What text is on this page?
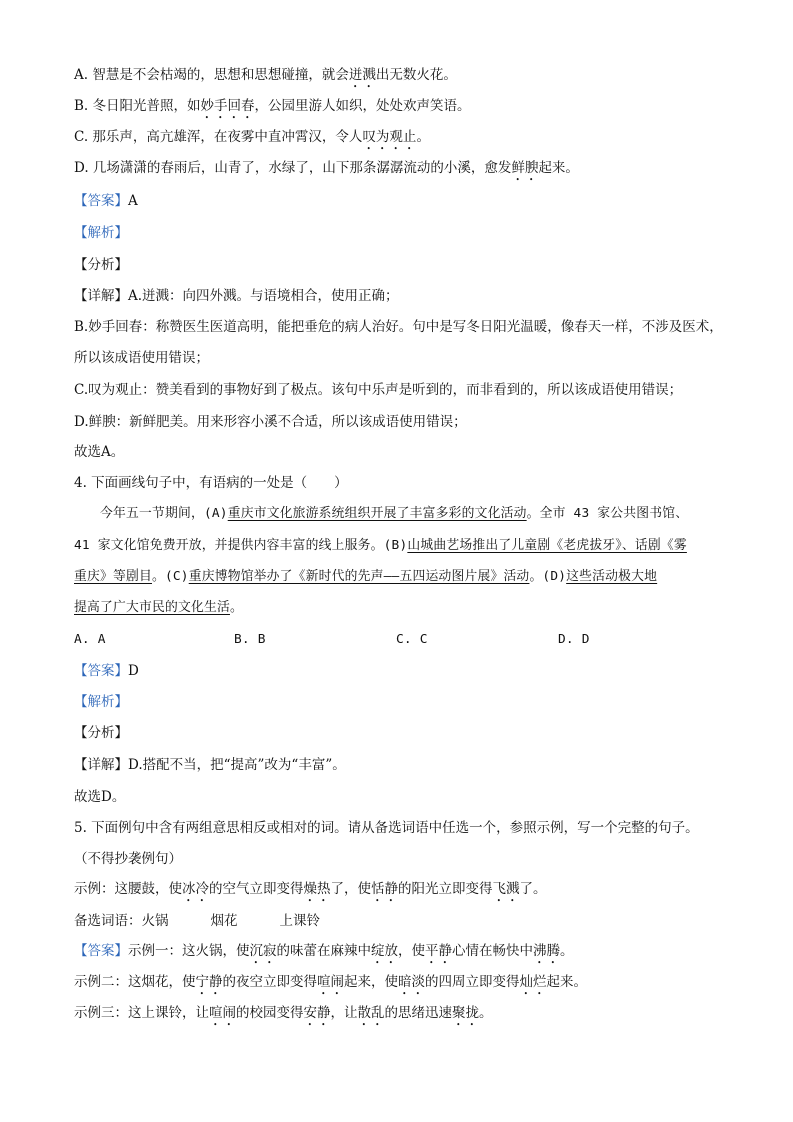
A. 智慧是不会枯竭的，思想和思想碰撞，就会迸溅出无数火花。
B. 冬日阳光普照，如妙手回春，公园里游人如织，处处欢声笑语。
C. 那乐声，高亢雄浑，在夜雾中直冲霄汉，令人叹为观止。
D. 几场潇潇的春雨后，山青了，水绿了，山下那条潺潺流动的小溪，愈发鲜腴起来。
【答案】A
【解析】
【分析】
【详解】A.迸溅：向四外溅。与语境相合，使用正确；
B.妙手回春：称赞医生医道高明，能把垂危的病人治好。句中是写冬日阳光温暖，像春天一样，不涉及医术，
所以该成语使用错误；
C.叹为观止：赞美看到的事物好到了极点。该句中乐声是听到的，而非看到的，所以该成语使用错误；
D.鲜腴：新鲜肥美。用来形容小溪不合适，所以该成语使用错误；
故选A。
4. 下面画线句子中，有语病的一处是（　　）
今年五一节期间，(A)重庆市文化旅游系统组织开展了丰富多彩的文化活动。全市 43 家公共图书馆、
41 家文化馆免费开放，并提供内容丰富的线上服务。(B)山城曲艺场推出了儿童剧《老虎拔牙》、话剧《雾
重庆》等剧目。(C)重庆博物馆举办了《新时代的先声——五四运动图片展》活动。(D)这些活动极大地
提高了广大市民的文化生活。
A. A	B. B	C. C	D. D
【答案】D
【解析】
【分析】
【详解】D.搭配不当，把“提高”改为“丰富”。
故选D。
5. 下面例句中含有两组意思相反或相对的词。请从备选词语中任选一个，参照示例，写一个完整的句子。
（不得抄袭例句）
示例：这腰鼓，使冰冷的空气立即变得燥热了，使恬静的阳光立即变得飞溅了。
备选词语：火锅	烟花	上课铃
【答案】示例一：这火锅，使沉寂的味蕾在麻辣中绽放，使平静心情在畅快中沸腾。
示例二：这烟花，使宁静的夜空立即变得喧闹起来，使暗淡的四周立即变得灿烂起来。
示例三：这上课铃，让喧闹的校园变得安静，让散乱的思绪迅速聚拢。
